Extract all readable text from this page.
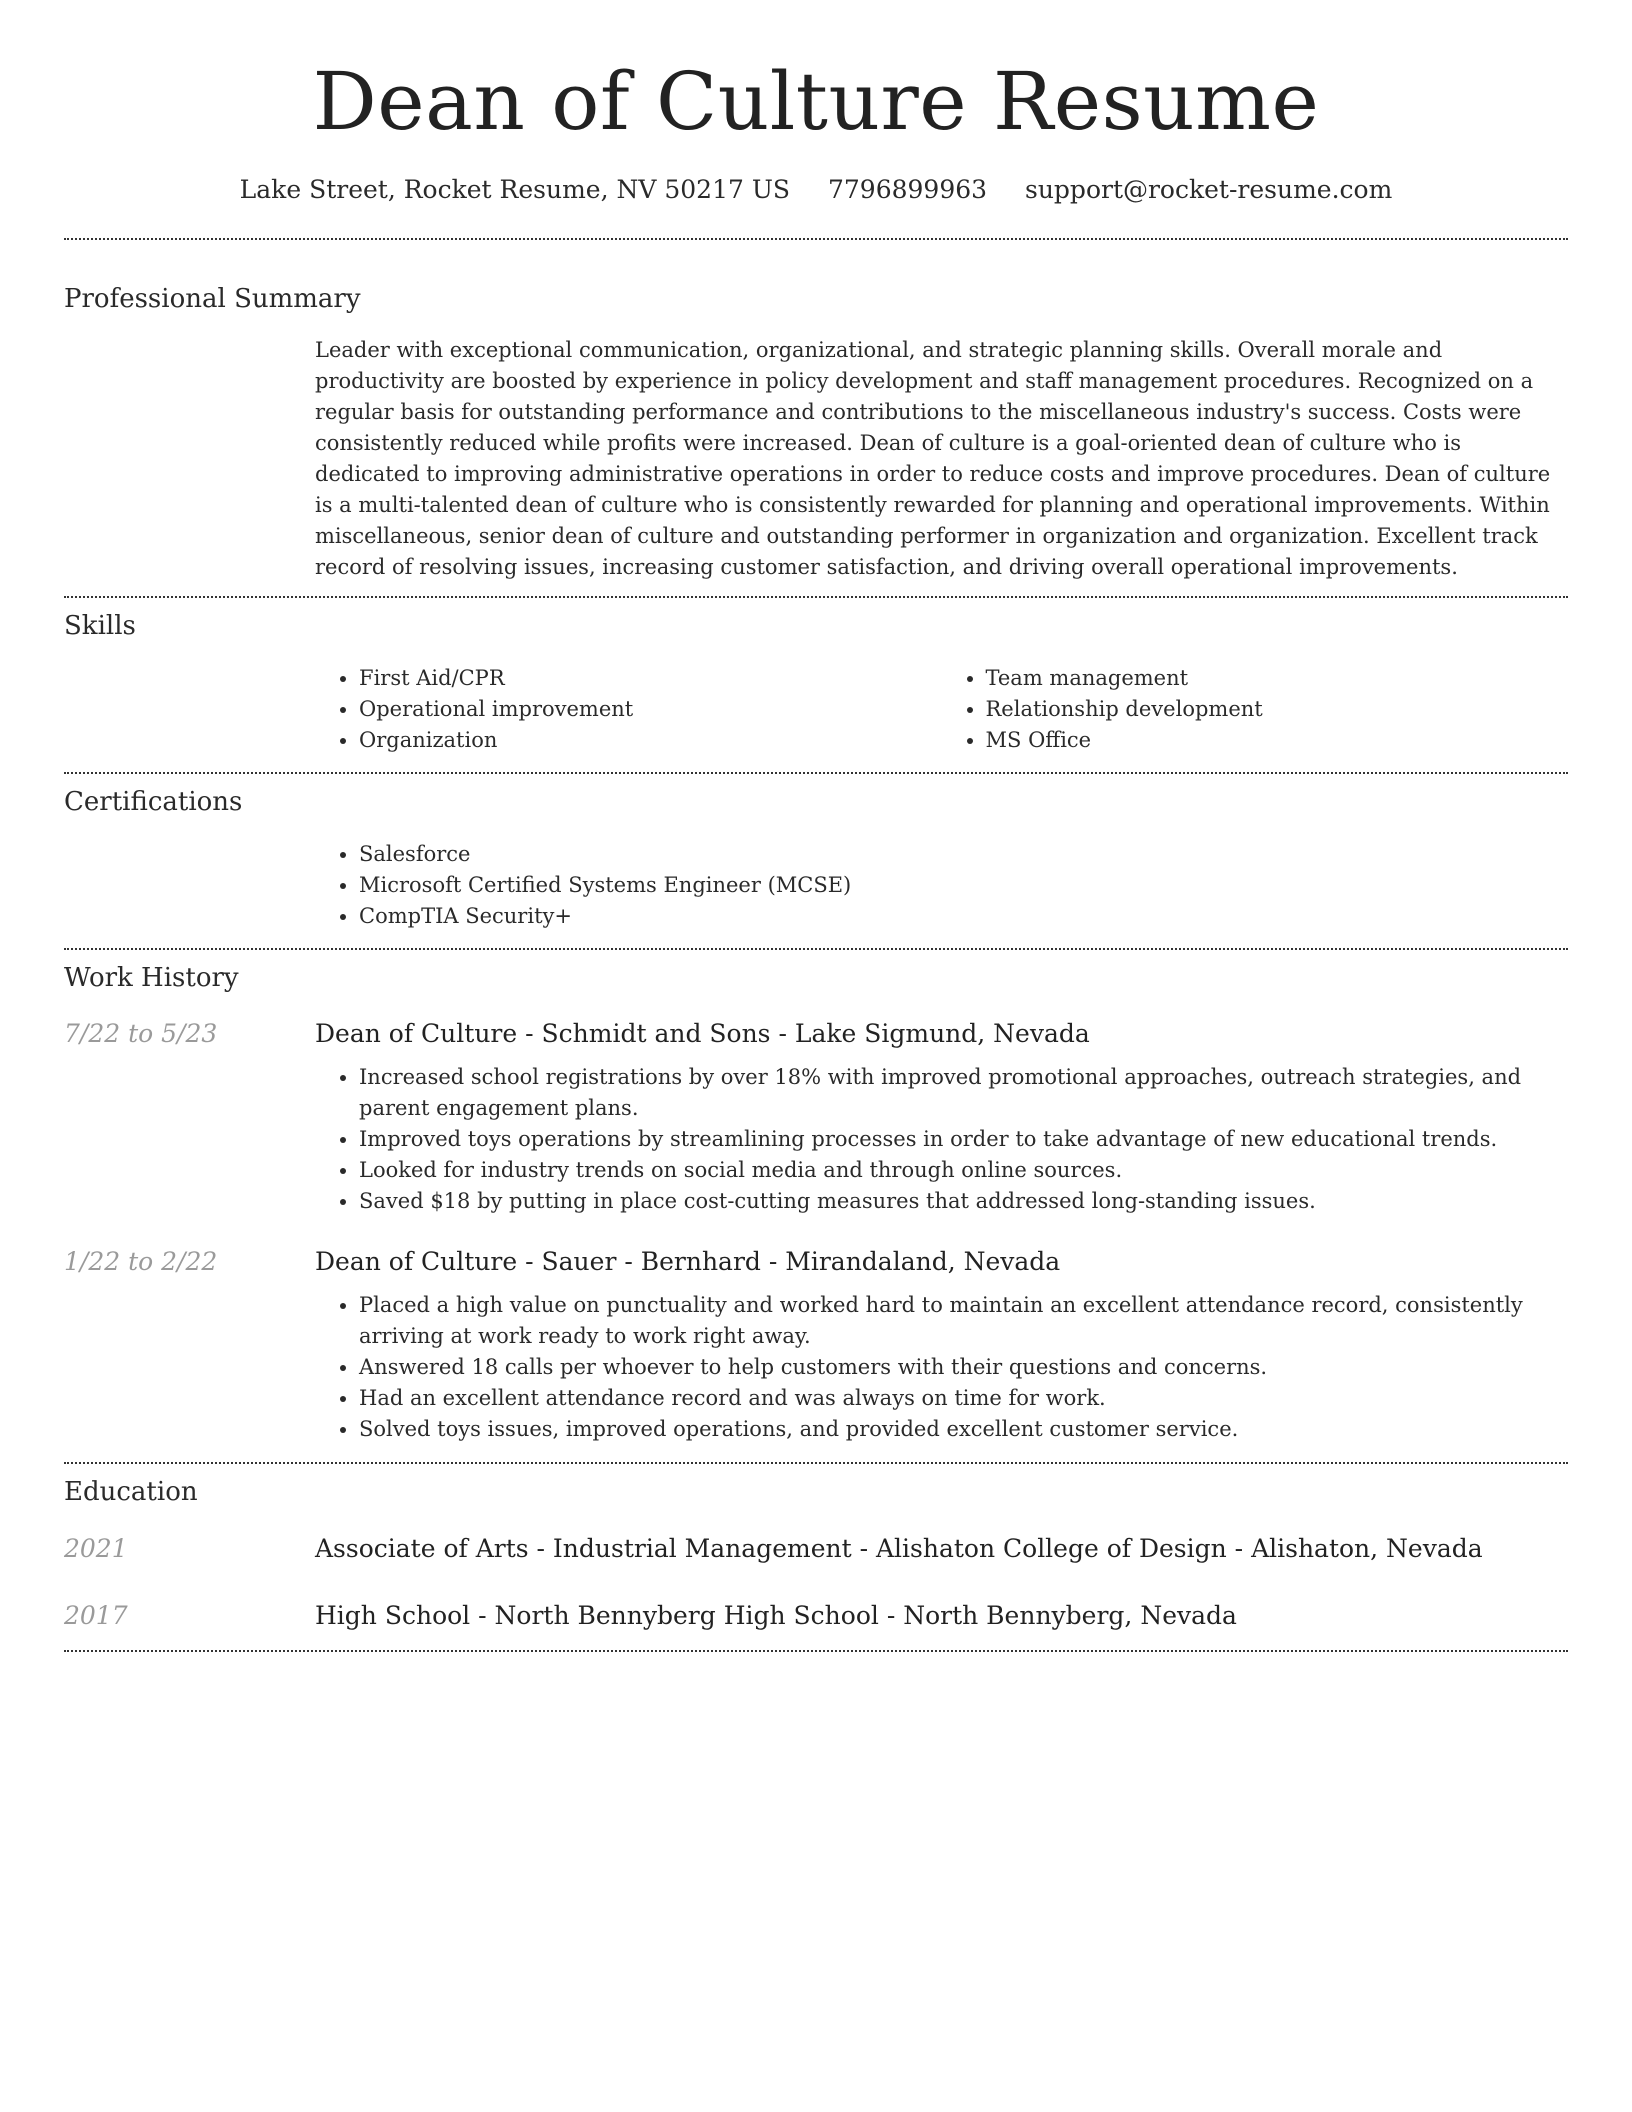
Dean of Culture Resume
Lake Street, Rocket Resume, NV 50217 US 7796899963 support@rocket-resume.com
Professional Summary

Leader with exceptional communication, organizational, and strategic planning skills. Overall morale and productivity are boosted by experience in policy development and staff management procedures. Recognized on a regular basis for outstanding performance and contributions to the miscellaneous industry's success. Costs were consistently reduced while profits were increased. Dean of culture is a goal-oriented dean of culture who is dedicated to improving administrative operations in order to reduce costs and improve procedures. Dean of culture is a multi-talented dean of culture who is consistently rewarded for planning and operational improvements. Within miscellaneous, senior dean of culture and outstanding performer in organization and organization. Excellent track record of resolving issues, increasing customer satisfaction, and driving overall operational improvements.

Skills
• First Aid/CPR
• Operational improvement
• Organization
• Team management
• Relationship development
• MS Office
Certifications
• Salesforce
• Microsoft Certified Systems Engineer (MCSE)
• CompTIA Security+
Work History
7/22 to 5/23	Dean of Culture - Schmidt and Sons - Lake Sigmund, Nevada
• Increased school registrations by over 18% with improved promotional approaches, outreach strategies, and parent engagement plans.
• Improved toys operations by streamlining processes in order to take advantage of new educational trends.
• Looked for industry trends on social media and through online sources.
• Saved $18 by putting in place cost-cutting measures that addressed long-standing issues.
1/22 to 2/22	Dean of Culture - Sauer - Bernhard - Mirandaland, Nevada
• Placed a high value on punctuality and worked hard to maintain an excellent attendance record, consistently arriving at work ready to work right away.
• Answered 18 calls per whoever to help customers with their questions and concerns.
• Had an excellent attendance record and was always on time for work.
• Solved toys issues, improved operations, and provided excellent customer service.
Education
2021	Associate of Arts - Industrial Management - Alishaton College of Design - Alishaton, Nevada
2017	High School - North Bennyberg High School - North Bennyberg, Nevada
